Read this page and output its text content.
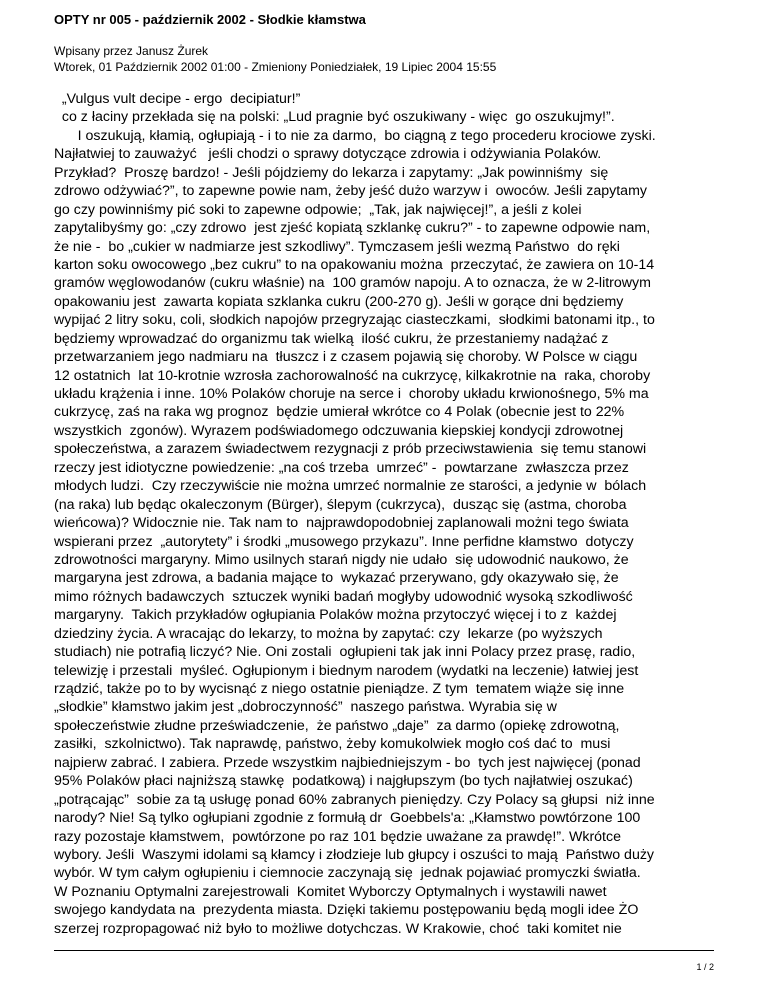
OPTY nr 005 - październik 2002 - Słodkie kłamstwa
Wpisany przez Janusz Żurek
Wtorek, 01 Październik 2002 01:00 - Zmieniony Poniedziałek, 19 Lipiec 2004 15:55
„Vulgus vult decipe - ergo  decipiatur!”
co z łaciny przekłada się na polski: „Lud pragnie być oszukiwany - więc  go oszukujmy!”.
I oszukują, kłamią, ogłupiają - i to nie za darmo,  bo ciągną z tego procederu krociowe zyski.
Najłatwiej to zauważyć   jeśli chodzi o sprawy dotyczące zdrowia i odżywiania Polaków.
Przykład?  Proszę bardzo! - Jeśli pójdziemy do lekarza i zapytamy: „Jak powinniśmy  się
zdrowo odżywiać?”, to zapewne powie nam, żeby jeść dużo warzyw i  owoców. Jeśli zapytamy
go czy powinniśmy pić soki to zapewne odpowie;  „Tak, jak najwięcej!”, a jeśli z kolei
zapytalibyśmy go: „czy zdrowo  jest zjeść kopiatą szklankę cukru?” - to zapewne odpowie nam,
że nie -  bo „cukier w nadmiarze jest szkodliwy”. Tymczasem jeśli wezmą Państwo  do ręki
karton soku owocowego „bez cukru” to na opakowaniu można  przeczytać, że zawiera on 10-14
gramów węglowodanów (cukru właśnie) na  100 gramów napoju. A to oznacza, że w 2-litrowym
opakowaniu jest  zawarta kopiata szklanka cukru (200-270 g). Jeśli w gorące dni będziemy
wypijać 2 litry soku, coli, słodkich napojów przegryzając ciasteczkami,  słodkimi batonami itp., to
będziemy wprowadzać do organizmu tak wielką  ilość cukru, że przestaniemy nadążać z
przetwarzaniem jego nadmiaru na  tłuszcz i z czasem pojawią się choroby. W Polsce w ciągu
12 ostatnich  lat 10-krotnie wzrosła zachorowalność na cukrzycę, kilkakrotnie na  raka, choroby
układu krążenia i inne. 10% Polaków choruje na serce i  choroby układu krwionośnego, 5% ma
cukrzycę, zaś na raka wg prognoz  będzie umierał wkrótce co 4 Polak (obecnie jest to 22%
wszystkich  zgonów). Wyrazem podświadomego odczuwania kiepskiej kondycji zdrowotnej
społeczeństwa, a zarazem świadectwem rezygnacji z prób przeciwstawienia  się temu stanowi
rzeczy jest idiotyczne powiedzenie: „na coś trzeba  umrzeć” -  powtarzane  zwłaszcza przez
młodych ludzi.  Czy rzeczywiście nie można umrzeć normalnie ze starości, a jedynie w  bólach
(na raka) lub będąc okaleczonym (Bürger), ślepym (cukrzyca),  dusząc się (astma, choroba
wieńcowa)? Widocznie nie. Tak nam to  najprawdopodobniej zaplanowali możni tego świata
wspierani przez  „autorytety” i środki „musowego przykazu”. Inne perfidne kłamstwo  dotyczy
zdrowotności margaryny. Mimo usilnych starań nigdy nie udało  się udowodnić naukowo, że
margaryna jest zdrowa, a badania mające to  wykazać przerywano, gdy okazywało się, że
mimo różnych badawczych  sztuczek wyniki badań mogłyby udowodnić wysoką szkodliwość
margaryny.  Takich przykładów ogłupiania Polaków można przytoczyć więcej i to z  każdej
dziedziny życia. A wracając do lekarzy, to można by zapytać: czy  lekarze (po wyższych
studiach) nie potrafią liczyć? Nie. Oni zostali  ogłupieni tak jak inni Polacy przez prasę, radio,
telewizję i przestali  myśleć. Ogłupionym i biednym narodem (wydatki na leczenie) łatwiej jest
rządzić, także po to by wycisnąć z niego ostatnie pieniądze. Z tym  tematem wiąże się inne
„słodkie” kłamstwo jakim jest „dobroczynność”  naszego państwa. Wyrabia się w
społeczeństwie złudne przeświadczenie,  że państwo „daje”  za darmo (opiekę zdrowotną,
zasiłki,  szkolnictwo). Tak naprawdę, państwo, żeby komukolwiek mogło coś dać to  musi
najpierw zabrać. I zabiera. Przede wszystkim najbiedniejszym - bo  tych jest najwięcej (ponad
95% Polaków płaci najniższą stawkę  podatkową) i najgłupszym (bo tych najłatwiej oszukać)
„potrącając”  sobie za tą usługę ponad 60% zabranych pieniędzy. Czy Polacy są głupsi  niż inne
narody? Nie! Są tylko ogłupiani zgodnie z formułą dr  Goebbels'a: „Kłamstwo powtórzone 100
razy pozostaje kłamstwem,  powtórzone po raz 101 będzie uważane za prawdę!”. Wkrótce
wybory. Jeśli  Waszymi idolami są kłamcy i złodzieje lub głupcy i oszuści to mają  Państwo duży
wybór. W tym całym ogłupieniu i ciemnocie zaczynają się  jednak pojawiać promyczki światła.
W Poznaniu Optymalni zarejestrowali  Komitet Wyborczy Optymalnych i wystawili nawet
swojego kandydata na  prezydenta miasta. Dzięki takiemu postępowaniu będą mogli idee ŻO
szerzej rozpropagować niż było to możliwe dotychczas. W Krakowie, choć  taki komitet nie
1 / 2
